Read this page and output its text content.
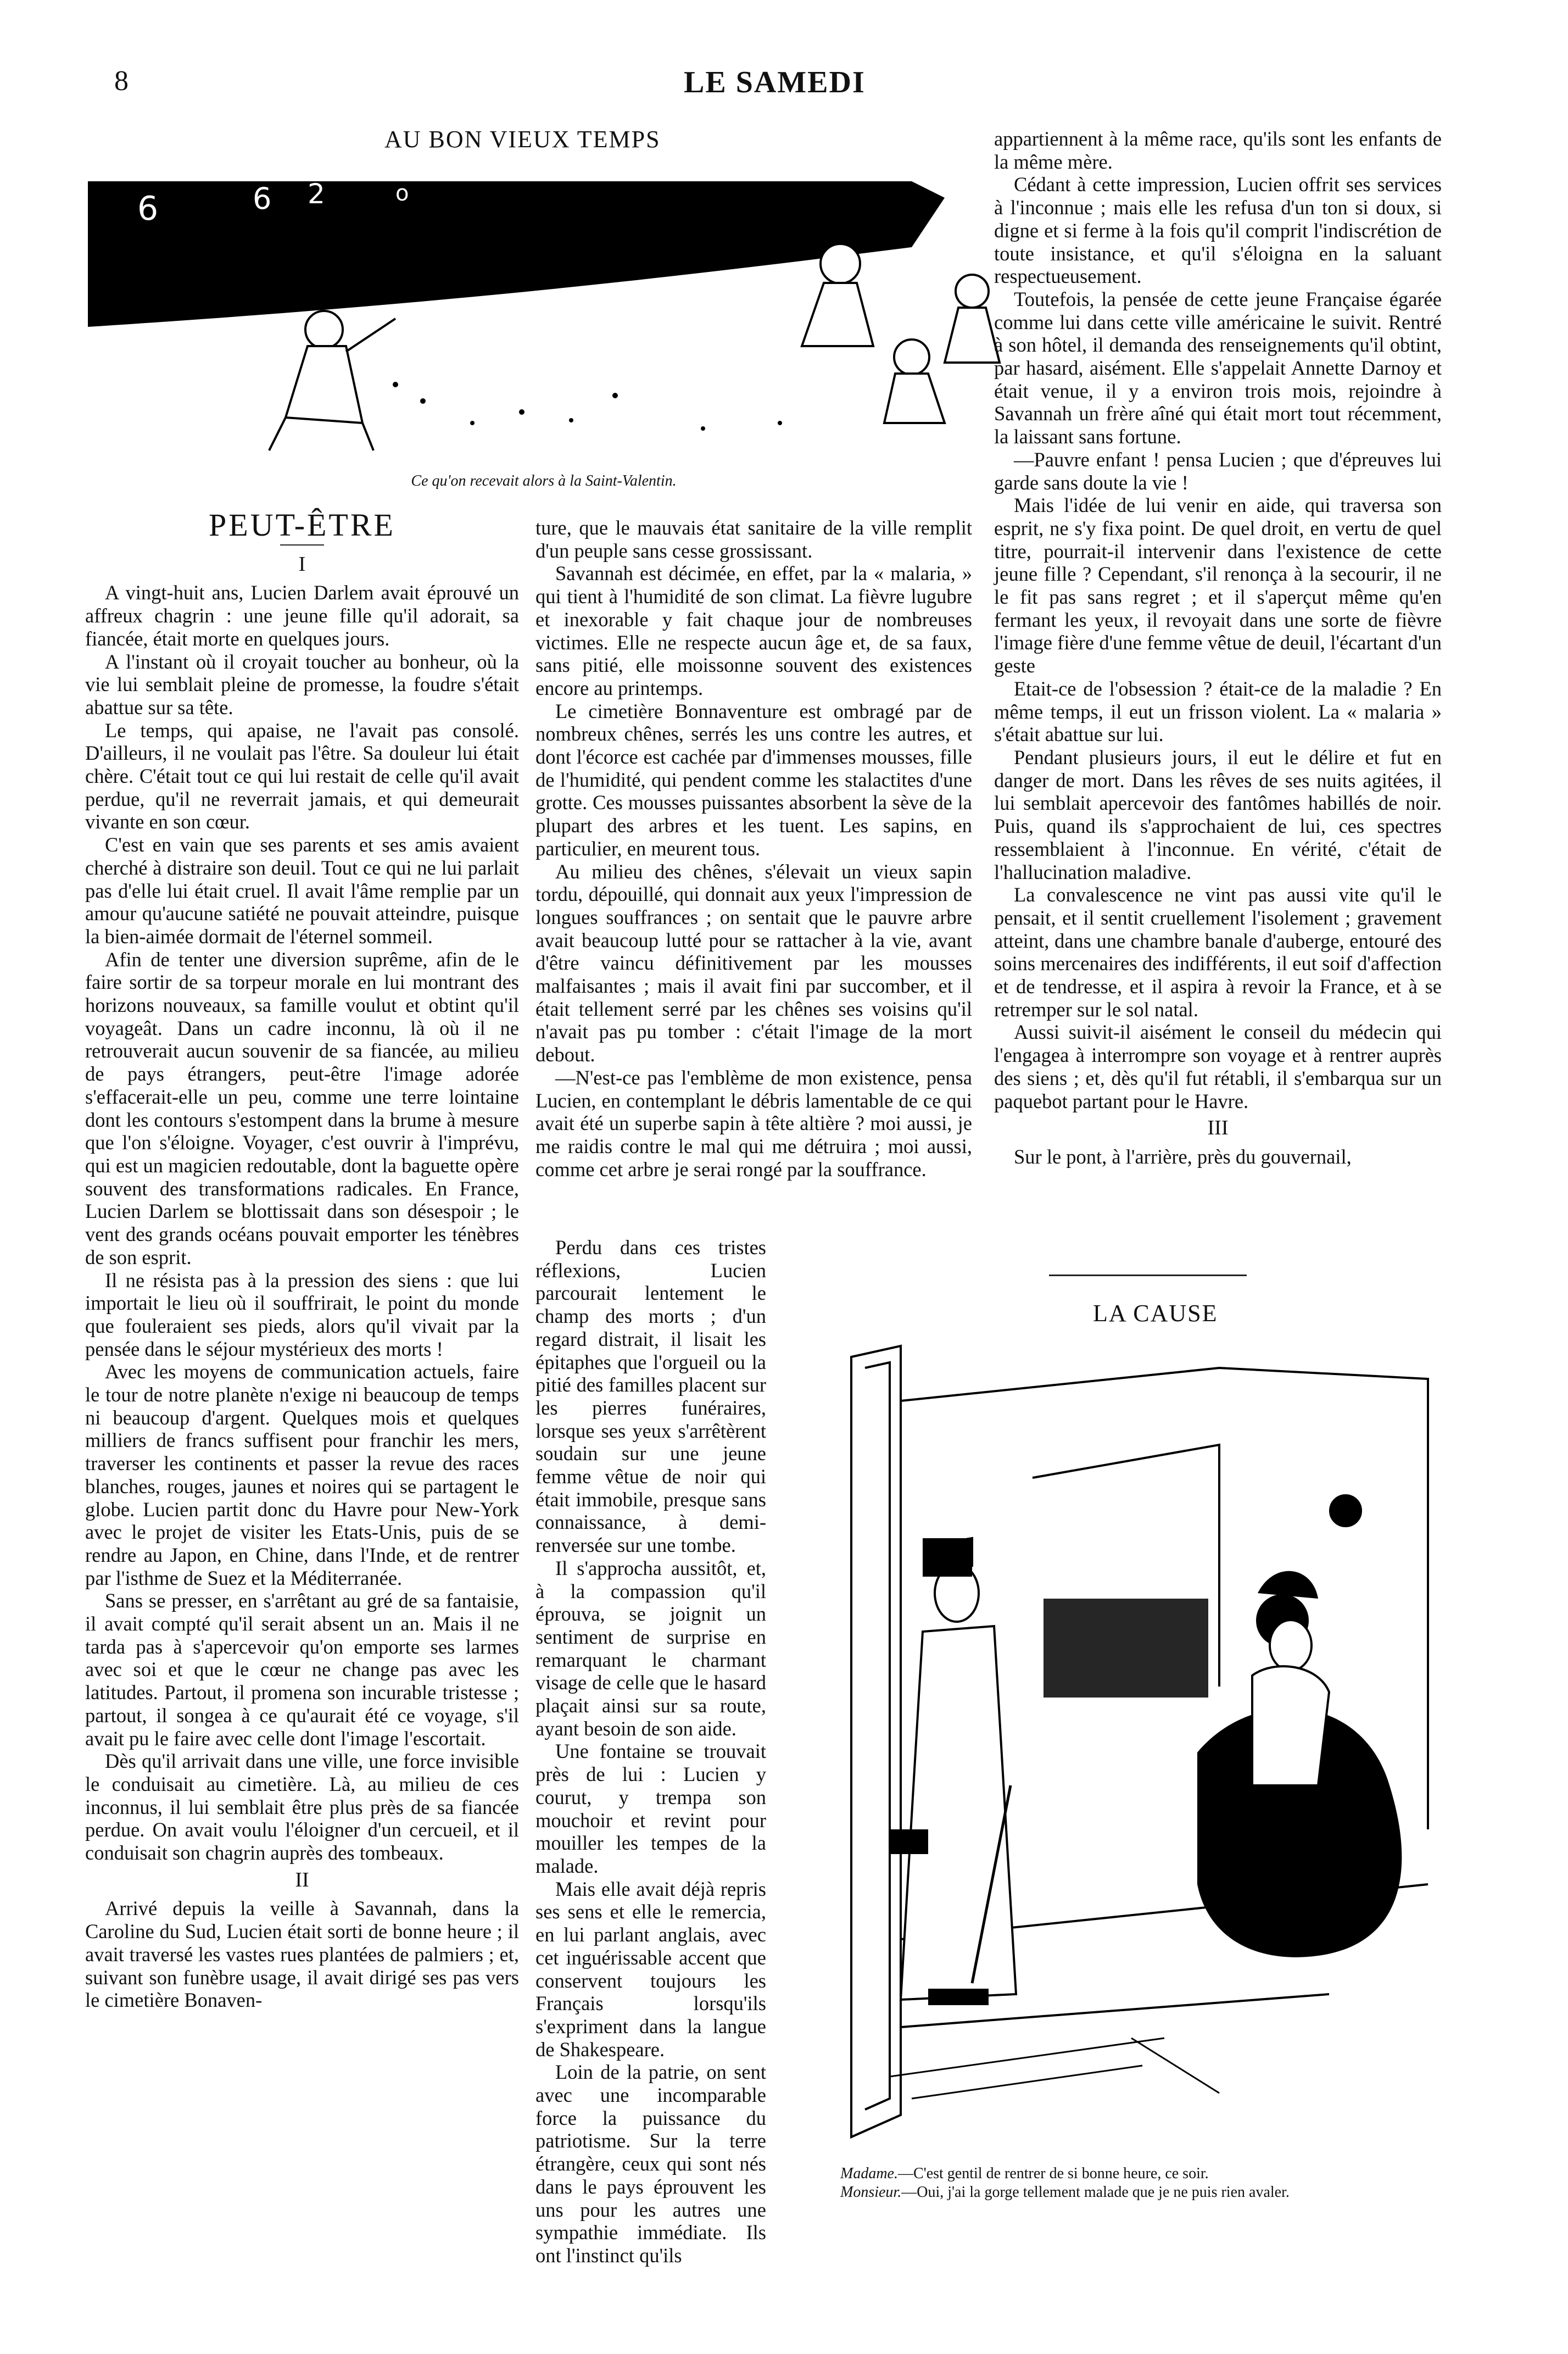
8	LE SAMEDI
AU BON VIEUX TEMPS
6	6 2	o
Ce qu'on recevait alors à la Saint-Valentin.
PEUT-ÊTRE
I

A vingt-huit ans, Lucien Darlem avait éprouvé un affreux chagrin : une jeune fille qu'il adorait, sa fiancée, était morte en quelques jours.

A l'instant où il croyait toucher au bonheur, où la vie lui semblait pleine de promesse, la foudre s'était abattue sur sa tête.

Le temps, qui apaise, ne l'avait pas consolé. D'ailleurs, il ne voulait pas l'être. Sa douleur lui était chère. C'était tout ce qui lui restait de celle qu'il avait perdue, qu'il ne reverrait jamais, et qui demeurait vivante en son cœur.

C'est en vain que ses parents et ses amis avaient cherché à distraire son deuil. Tout ce qui ne lui parlait pas d'elle lui était cruel. Il avait l'âme remplie par un amour qu'aucune satiété ne pouvait atteindre, puisque la bien-aimée dormait de l'éternel sommeil.

Afin de tenter une diversion suprême, afin de le faire sortir de sa torpeur morale en lui montrant des horizons nouveaux, sa famille voulut et obtint qu'il voyageât. Dans un cadre inconnu, là où il ne retrouverait aucun souvenir de sa fiancée, au milieu de pays étrangers, peut-être l'image adorée s'effacerait-elle un peu, comme une terre lointaine dont les contours s'estompent dans la brume à mesure que l'on s'éloigne. Voyager, c'est ouvrir à l'imprévu, qui est un magicien redoutable, dont la baguette opère souvent des transformations radicales. En France, Lucien Darlem se blottissait dans son désespoir ; le vent des grands océans pouvait emporter les ténèbres de son esprit.

Il ne résista pas à la pression des siens : que lui importait le lieu où il souffrirait, le point du monde que fouleraient ses pieds, alors qu'il vivait par la pensée dans le séjour mystérieux des morts !

Avec les moyens de communication actuels, faire le tour de notre planète n'exige ni beaucoup de temps ni beaucoup d'argent. Quelques mois et quelques milliers de francs suffisent pour franchir les mers, traverser les continents et passer la revue des races blanches, rouges, jaunes et noires qui se partagent le globe. Lucien partit donc du Havre pour New-York avec le projet de visiter les Etats-Unis, puis de se rendre au Japon, en Chine, dans l'Inde, et de rentrer par l'isthme de Suez et la Méditerranée.

Sans se presser, en s'arrêtant au gré de sa fantaisie, il avait compté qu'il serait absent un an. Mais il ne tarda pas à s'apercevoir qu'on emporte ses larmes avec soi et que le cœur ne change pas avec les latitudes. Partout, il promena son incurable tristesse ; partout, il songea à ce qu'aurait été ce voyage, s'il avait pu le faire avec celle dont l'image l'escortait.

Dès qu'il arrivait dans une ville, une force invisible le conduisait au cimetière. Là, au milieu de ces inconnus, il lui semblait être plus près de sa fiancée perdue. On avait voulu l'éloigner d'un cercueil, et il conduisait son chagrin auprès des tombeaux.

II

Arrivé depuis la veille à Savannah, dans la Caroline du Sud, Lucien était sorti de bonne heure ; il avait traversé les vastes rues plantées de palmiers ; et, suivant son funèbre usage, il avait dirigé ses pas vers le cimetière Bonaven-

ture, que le mauvais état sanitaire de la ville remplit d'un peuple sans cesse grossissant.

Savannah est décimée, en effet, par la « malaria, » qui tient à l'humidité de son climat. La fièvre lugubre et inexorable y fait chaque jour de nombreuses victimes. Elle ne respecte aucun âge et, de sa faux, sans pitié, elle moissonne souvent des existences encore au printemps.

Le cimetière Bonnaventure est ombragé par de nombreux chênes, serrés les uns contre les autres, et dont l'écorce est cachée par d'immenses mousses, fille de l'humidité, qui pendent comme les stalactites d'une grotte. Ces mousses puissantes absorbent la sève de la plupart des arbres et les tuent. Les sapins, en particulier, en meurent tous.

Au milieu des chênes, s'élevait un vieux sapin tordu, dépouillé, qui donnait aux yeux l'impression de longues souffrances ; on sentait que le pauvre arbre avait beaucoup lutté pour se rattacher à la vie, avant d'être vaincu définitivement par les mousses malfaisantes ; mais il avait fini par succomber, et il était tellement serré par les chênes ses voisins qu'il n'avait pas pu tomber : c'était l'image de la mort debout.

—N'est-ce pas l'emblème de mon existence, pensa Lucien, en contemplant le débris lamentable de ce qui avait été un superbe sapin à tête altière ? moi aussi, je me raidis contre le mal qui me détruira ; moi aussi, comme cet arbre je serai rongé par la souffrance.

Perdu dans ces tristes réflexions, Lucien parcourait lentement le champ des morts ; d'un regard distrait, il lisait les épitaphes que l'orgueil ou la pitié des familles placent sur les pierres funéraires, lorsque ses yeux s'arrêtèrent soudain sur une jeune femme vêtue de noir qui était immobile, presque sans connaissance, à demi-renversée sur une tombe.

Il s'approcha aussitôt, et, à la compassion qu'il éprouva, se joignit un sentiment de surprise en remarquant le charmant visage de celle que le hasard plaçait ainsi sur sa route, ayant besoin de son aide.

Une fontaine se trouvait près de lui : Lucien y courut, y trempa son mouchoir et revint pour mouiller les tempes de la malade.

Mais elle avait déjà repris ses sens et elle le remercia, en lui parlant anglais, avec cet inguérissable accent que conservent toujours les Français lorsqu'ils s'expriment dans la langue de Shakespeare.

Loin de la patrie, on sent avec une incomparable force la puissance du patriotisme. Sur la terre étrangère, ceux qui sont nés dans le pays éprouvent les uns pour les autres une sympathie immédiate. Ils ont l'instinct qu'ils

appartiennent à la même race, qu'ils sont les enfants de la même mère.

Cédant à cette impression, Lucien offrit ses services à l'inconnue ; mais elle les refusa d'un ton si doux, si digne et si ferme à la fois qu'il comprit l'indiscrétion de toute insistance, et qu'il s'éloigna en la saluant respectueusement.

Toutefois, la pensée de cette jeune Française égarée comme lui dans cette ville américaine le suivit. Rentré à son hôtel, il demanda des renseignements qu'il obtint, par hasard, aisément. Elle s'appelait Annette Darnoy et était venue, il y a environ trois mois, rejoindre à Savannah un frère aîné qui était mort tout récemment, la laissant sans fortune.

—Pauvre enfant ! pensa Lucien ; que d'épreuves lui garde sans doute la vie !

Mais l'idée de lui venir en aide, qui traversa son esprit, ne s'y fixa point. De quel droit, en vertu de quel titre, pourrait-il intervenir dans l'existence de cette jeune fille ? Cependant, s'il renonça à la secourir, il ne le fit pas sans regret ; et il s'aperçut même qu'en fermant les yeux, il revoyait dans une sorte de fièvre l'image fière d'une femme vêtue de deuil, l'écartant d'un geste

Etait-ce de l'obsession ? était-ce de la maladie ? En même temps, il eut un frisson violent. La « malaria » s'était abattue sur lui.

Pendant plusieurs jours, il eut le délire et fut en danger de mort. Dans les rêves de ses nuits agitées, il lui semblait apercevoir des fantômes habillés de noir. Puis, quand ils s'approchaient de lui, ces spectres ressemblaient à l'inconnue. En vérité, c'était de l'hallucination maladive.

La convalescence ne vint pas aussi vite qu'il le pensait, et il sentit cruellement l'isolement ; gravement atteint, dans une chambre banale d'auberge, entouré des soins mercenaires des indifférents, il eut soif d'affection et de tendresse, et il aspira à revoir la France, et à se retremper sur le sol natal.

Aussi suivit-il aisément le conseil du médecin qui l'engagea à interrompre son voyage et à rentrer auprès des siens ; et, dès qu'il fut rétabli, il s'embarqua sur un paquebot partant pour le Havre.

III

Sur le pont, à l'arrière, près du gouvernail,

LA CAUSE
Madame.—C'est gentil de rentrer de si bonne heure, ce soir.
Monsieur.—Oui, j'ai la gorge tellement malade que je ne puis rien avaler.
